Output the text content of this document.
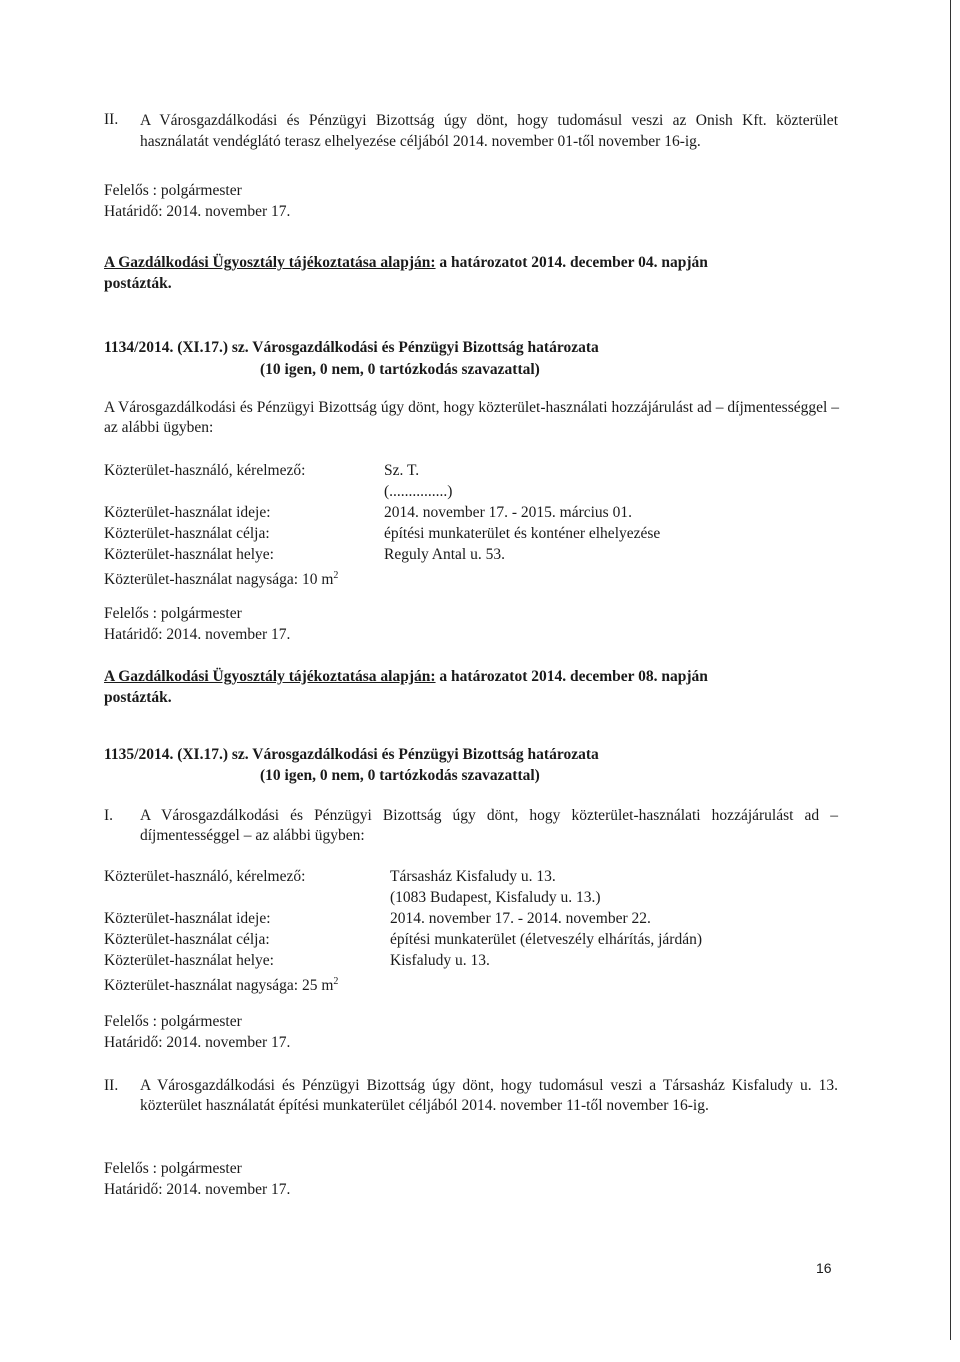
II. A Városgazdálkodási és Pénzügyi Bizottság úgy dönt, hogy tudomásul veszi az Onish Kft. közterület használatát vendéglátó terasz elhelyezése céljából 2014. november 01-től november 16-ig.

Felelős : polgármester

Határidő: 2014. november 17.

A Gazdálkodási Ügyosztály tájékoztatása alapján: a határozatot 2014. december 04. napján

postázták.

1134/2014. (XI.17.) sz. Városgazdálkodási és Pénzügyi Bizottság határozata

(10 igen, 0 nem, 0 tartózkodás szavazattal)

A Városgazdálkodási és Pénzügyi Bizottság úgy dönt, hogy közterület-használati hozzájárulást ad – díjmentességgel – az alábbi ügyben:

Közterület-használó, kérelmező:	Sz. T.

(...............)

Közterület-használat ideje:	2014. november 17. - 2015. március 01.

Közterület-használat célja:	építési munkaterület és konténer elhelyezése

Közterület-használat helye:	Reguly Antal u. 53.

Közterület-használat nagysága: 10 $m^2$

Felelős : polgármester

Határidő: 2014. november 17.

A Gazdálkodási Ügyosztály tájékoztatása alapján: a határozatot 2014. december 08. napján

postázták.

1135/2014. (XI.17.) sz. Városgazdálkodási és Pénzügyi Bizottság határozata

(10 igen, 0 nem, 0 tartózkodás szavazattal)

I. A Városgazdálkodási és Pénzügyi Bizottság úgy dönt, hogy közterület-használati hozzájárulást ad – díjmentességgel – az alábbi ügyben:

Közterület-használó, kérelmező:	Társasház Kisfaludy u. 13.

(1083 Budapest, Kisfaludy u. 13.)

Közterület-használat ideje:	2014. november 17. - 2014. november 22.

Közterület-használat célja:	építési munkaterület (életveszély elhárítás, járdán)

Közterület-használat helye:	Kisfaludy u. 13.

Közterület-használat nagysága: 25 $m^2$

Felelős : polgármester

Határidő: 2014. november 17.

II. A Városgazdálkodási és Pénzügyi Bizottság úgy dönt, hogy tudomásul veszi a Társasház Kisfaludy u. 13. közterület használatát építési munkaterület céljából 2014. november 11-től november 16-ig.

Felelős : polgármester

Határidő: 2014. november 17.

16
